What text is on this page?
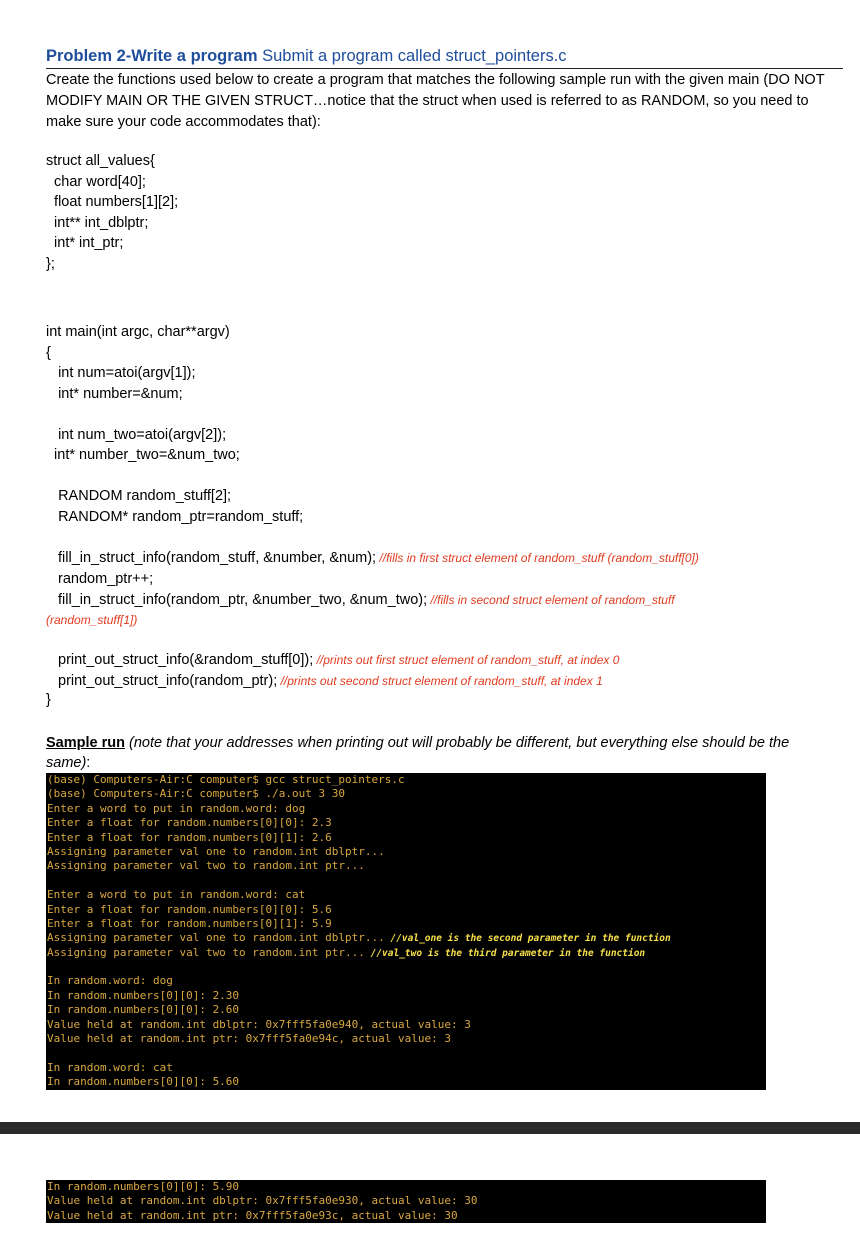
Problem 2-Write a program Submit a program called struct_pointers.c
Create the functions used below to create a program that matches the following sample run with the given main (DO NOT MODIFY MAIN OR THE GIVEN STRUCT…notice that the struct when used is referred to as RANDOM, so you need to make sure your code accommodates that):
struct all_values{
char word[40];
float numbers[1][2];
int** int_dblptr;
int* int_ptr;
};
int main(int argc, char**argv)
{
int num=atoi(argv[1]);
int* number=&num;
int num_two=atoi(argv[2]);
int* number_two=&num_two;
RANDOM random_stuff[2];
RANDOM* random_ptr=random_stuff;
fill_in_struct_info(random_stuff, &number, &num); //fills in first struct element of random_stuff (random_stuff[0])
random_ptr++;
fill_in_struct_info(random_ptr, &number_two, &num_two); //fills in second struct element of random_stuff
(random_stuff[1])
print_out_struct_info(&random_stuff[0]); //prints out first struct element of random_stuff, at index 0
print_out_struct_info(random_ptr); //prints out second struct element of random_stuff, at index 1
}
Sample run (note that your addresses when printing out will probably be different, but everything else should be the same):
(base) Computers-Air:C computer$ gcc struct_pointers.c
(base) Computers-Air:C computer$ ./a.out 3 30
Enter a word to put in random.word: dog
Enter a float for random.numbers[0][0]: 2.3
Enter a float for random.numbers[0][1]: 2.6
Assigning parameter val one to random.int dblptr...
Assigning parameter val two to random.int ptr...
Enter a word to put in random.word: cat
Enter a float for random.numbers[0][0]: 5.6
Enter a float for random.numbers[0][1]: 5.9
Assigning parameter val one to random.int dblptr... //val_one is the second parameter in the function
Assigning parameter val two to random.int ptr... //val_two is the third parameter in the function
In random.word: dog
In random.numbers[0][0]: 2.30
In random.numbers[0][0]: 2.60
Value held at random.int dblptr: 0x7fff5fa0e940, actual value: 3
Value held at random.int ptr: 0x7fff5fa0e94c, actual value: 3
In random.word: cat
In random.numbers[0][0]: 5.60
In random.numbers[0][0]: 5.90
Value held at random.int dblptr: 0x7fff5fa0e930, actual value: 30
Value held at random.int ptr: 0x7fff5fa0e93c, actual value: 30
